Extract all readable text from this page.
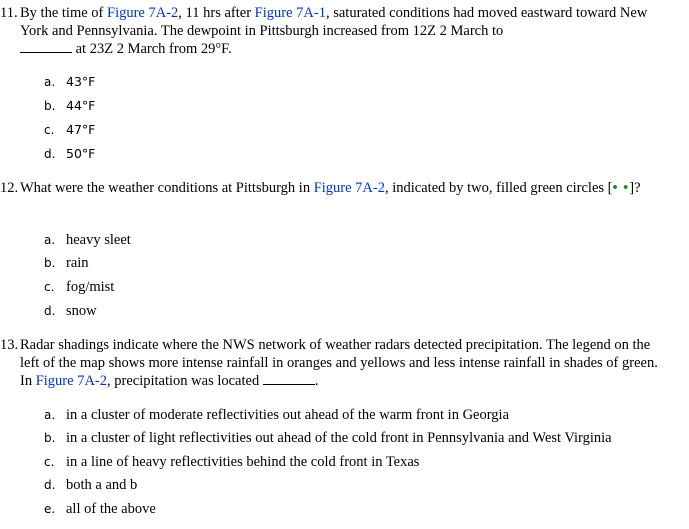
11. By the time of Figure 7A-2, 11 hrs after Figure 7A-1, saturated conditions had moved eastward toward New York and Pennsylvania. The dewpoint in Pittsburgh increased from 12Z 2 March to
at 23Z 2 March from 29°F.
a. 43°F
b. 44°F
c. 47°F
d. 50°F
12. What were the weather conditions at Pittsburgh in Figure 7A-2, indicated by two, filled green circles [• •]?
a. heavy sleet
b. rain
c. fog/mist
d. snow
13. Radar shadings indicate where the NWS network of weather radars detected precipitation. The legend on the left of the map shows more intense rainfall in oranges and yellows and less intense rainfall in shades of green. In Figure 7A-2, precipitation was located	.
a. in a cluster of moderate reflectivities out ahead of the warm front in Georgia
b. in a cluster of light reflectivities out ahead of the cold front in Pennsylvania and West Virginia
c. in a line of heavy reflectivities behind the cold front in Texas
d. both a and b
e. all of the above
